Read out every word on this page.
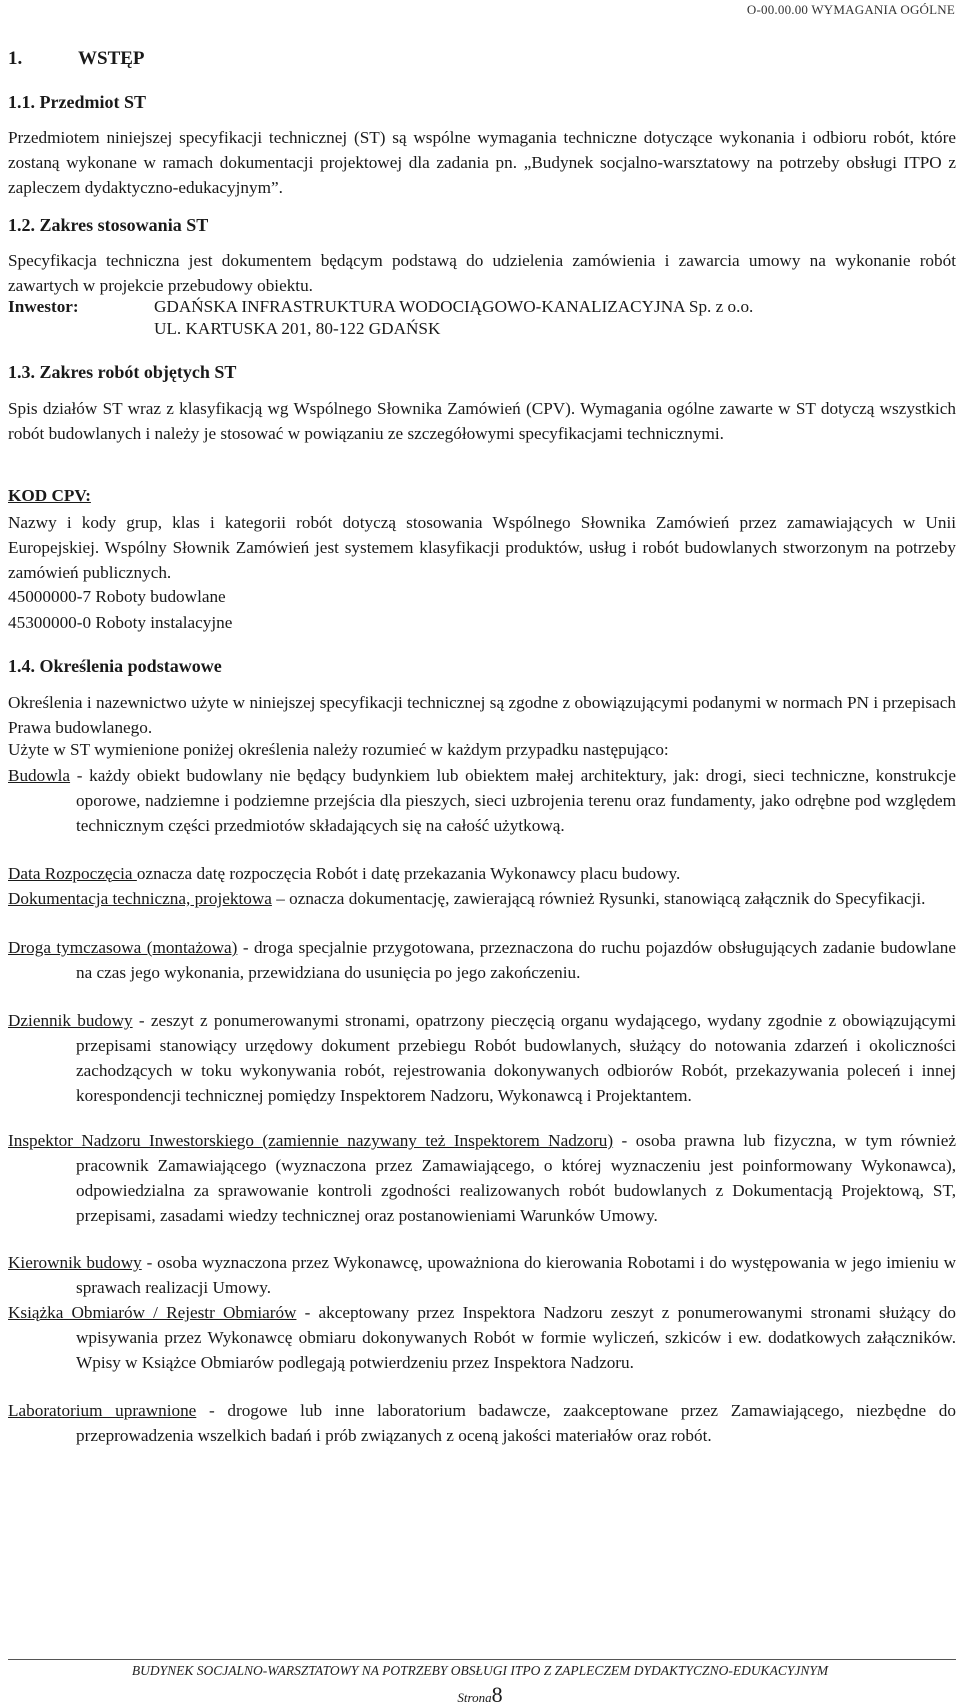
O-00.00.00 WYMAGANIA OGÓLNE
1.	WSTĘP
1.1. Przedmiot ST
Przedmiotem niniejszej specyfikacji technicznej (ST) są wspólne wymagania techniczne dotyczące wykonania i odbioru robót, które zostaną wykonane w ramach dokumentacji projektowej dla zadania pn. „Budynek socjalno-warsztatowy na potrzeby obsługi ITPO z zapleczem dydaktyczno-edukacyjnym”.
1.2. Zakres stosowania ST
Specyfikacja techniczna jest dokumentem będącym podstawą do udzielenia zamówienia i zawarcia umowy na wykonanie robót zawartych w projekcie przebudowy obiektu.
Inwestor:	GDAŃSKA INFRASTRUKTURA WODOCIĄGOWO-KANALIZACYJNA Sp. z o.o.
UL. KARTUSKA 201, 80-122 GDAŃSK
1.3. Zakres robót objętych ST
Spis działów ST wraz z klasyfikacją wg Wspólnego Słownika Zamówień (CPV). Wymagania ogólne zawarte w ST dotyczą wszystkich robót budowlanych i należy je stosować w powiązaniu ze szczegółowymi specyfikacjami technicznymi.
KOD CPV:
Nazwy i kody grup, klas i kategorii robót dotyczą stosowania Wspólnego Słownika Zamówień przez zamawiających w Unii Europejskiej. Wspólny Słownik Zamówień jest systemem klasyfikacji produktów, usług i robót budowlanych stworzonym na potrzeby zamówień publicznych.
45000000-7 Roboty budowlane
45300000-0 Roboty instalacyjne
1.4. Określenia podstawowe
Określenia i nazewnictwo użyte w niniejszej specyfikacji technicznej są zgodne z obowiązującymi podanymi w normach PN i przepisach Prawa budowlanego.
Użyte w ST wymienione poniżej określenia należy rozumieć w każdym przypadku następująco:
Budowla - każdy obiekt budowlany nie będący budynkiem lub obiektem małej architektury, jak: drogi, sieci techniczne, konstrukcje oporowe, nadziemne i podziemne przejścia dla pieszych, sieci uzbrojenia terenu oraz fundamenty, jako odrębne pod względem technicznym części przedmiotów składających się na całość użytkową.
Data Rozpoczęcia oznacza datę rozpoczęcia Robót i datę przekazania Wykonawcy placu budowy.
Dokumentacja techniczna, projektowa – oznacza dokumentację, zawierającą również Rysunki, stanowiącą załącznik do Specyfikacji.
Droga tymczasowa (montażowa) - droga specjalnie przygotowana, przeznaczona do ruchu pojazdów obsługujących zadanie budowlane na czas jego wykonania, przewidziana do usunięcia po jego zakończeniu.
Dziennik budowy - zeszyt z ponumerowanymi stronami, opatrzony pieczęcią organu wydającego, wydany zgodnie z obowiązującymi przepisami stanowiący urzędowy dokument przebiegu Robót budowlanych, służący do notowania zdarzeń i okoliczności zachodzących w toku wykonywania robót, rejestrowania dokonywanych odbiorów Robót, przekazywania poleceń i innej korespondencji technicznej pomiędzy Inspektorem Nadzoru, Wykonawcą i Projektantem.
Inspektor Nadzoru Inwestorskiego (zamiennie nazywany też Inspektorem Nadzoru) - osoba prawna lub fizyczna, w tym również pracownik Zamawiającego (wyznaczona przez Zamawiającego, o której wyznaczeniu jest poinformowany Wykonawca), odpowiedzialna za sprawowanie kontroli zgodności realizowanych robót budowlanych z Dokumentacją Projektową, ST, przepisami, zasadami wiedzy technicznej oraz postanowieniami Warunków Umowy.
Kierownik budowy - osoba wyznaczona przez Wykonawcę, upoważniona do kierowania Robotami i do występowania w jego imieniu w sprawach realizacji Umowy.
Książka Obmiarów / Rejestr Obmiarów - akceptowany przez Inspektora Nadzoru zeszyt z ponumerowanymi stronami służący do wpisywania przez Wykonawcę obmiaru dokonywanych Robót w formie wyliczeń, szkiców i ew. dodatkowych załączników. Wpisy w Książce Obmiarów podlegają potwierdzeniu przez Inspektora Nadzoru.
Laboratorium uprawnione - drogowe lub inne laboratorium badawcze, zaakceptowane przez Zamawiającego, niezbędne do przeprowadzenia wszelkich badań i prób związanych z oceną jakości materiałów oraz robót.
BUDYNEK SOCJALNO-WARSZTATOWY NA POTRZEBY OBSŁUGI ITPO Z ZAPLECZEM DYDAKTYCZNO-EDUKACYJNYM
Strona8
